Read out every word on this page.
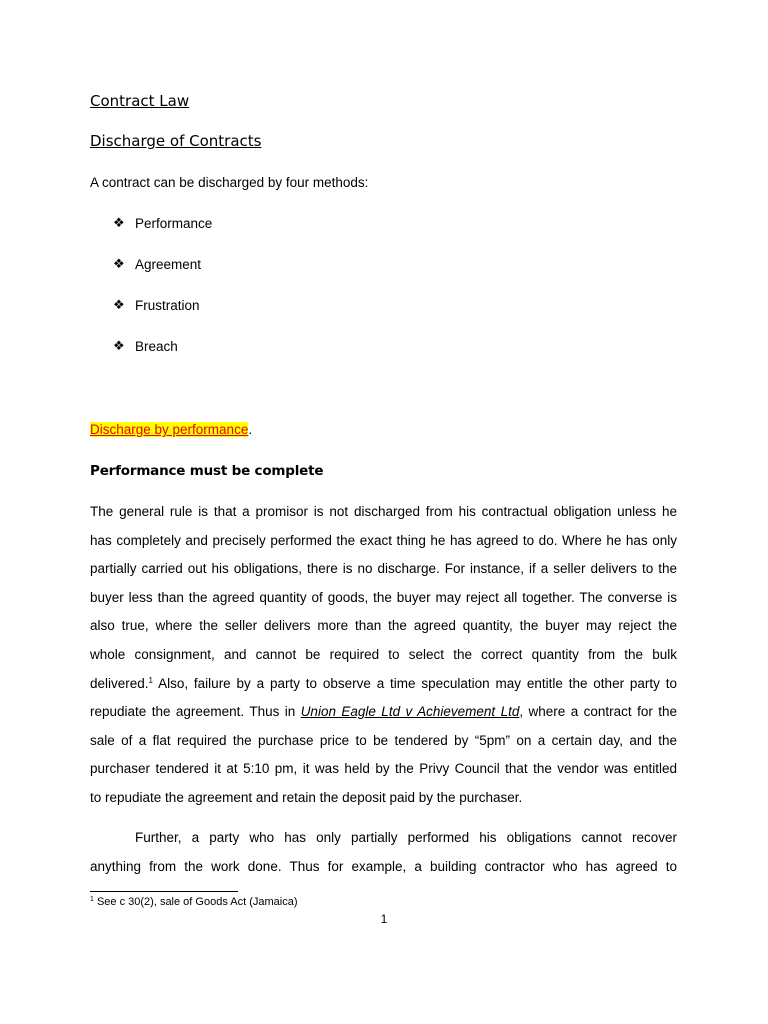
Contract Law
Discharge of Contracts
A contract can be discharged by four methods:
❖ Performance
❖ Agreement
❖ Frustration
❖ Breach
Discharge by performance.
Performance must be complete
The general rule is that a promisor is not discharged from his contractual obligation unless he
has completely and precisely performed the exact thing he has agreed to do. Where he has only
partially carried out his obligations, there is no discharge. For instance, if a seller delivers to the
buyer less than the agreed quantity of goods, the buyer may reject all together. The converse is
also true, where the seller delivers more than the agreed quantity, the buyer may reject the
whole consignment, and cannot be required to select the correct quantity from the bulk
delivered.$^1$ Also, failure by a party to observe a time speculation may entitle the other party to
repudiate the agreement. Thus in Union Eagle Ltd v Achievement Ltd, where a contract for the
sale of a flat required the purchase price to be tendered by “5pm” on a certain day, and the
purchaser tendered it at 5:10 pm, it was held by the Privy Council that the vendor was entitled
to repudiate the agreement and retain the deposit paid by the purchaser.
Further, a party who has only partially performed his obligations cannot recover
anything from the work done. Thus for example, a building contractor who has agreed to
$^1$ See c 30(2), sale of Goods Act (Jamaica)
1
